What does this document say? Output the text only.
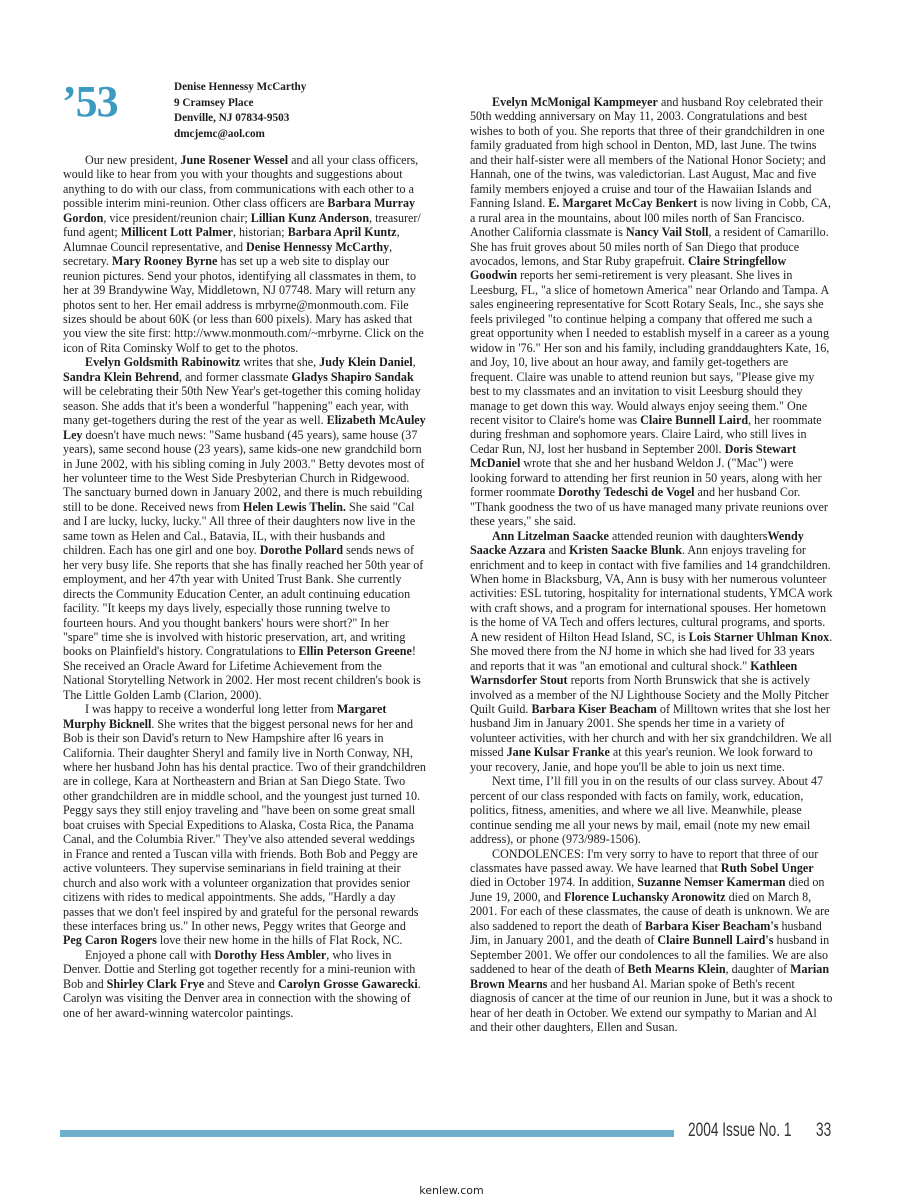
’53	Denise Hennessy McCarthy
9 Cramsey Place
Denville, NJ 07834-9503
dmcjemc@aol.com

Our new president, June Rosener Wessel and all your class officers, would like to hear from you with your thoughts and suggestions about anything to do with our class, from communications with each other to a possible interim mini-reunion. Other class officers are Barbara Murray Gordon, vice president/reunion chair; Lillian Kunz Anderson, treasurer/ fund agent; Millicent Lott Palmer, historian; Barbara April Kuntz, Alumnae Council representative, and Denise Hennessy McCarthy, secretary. Mary Rooney Byrne has set up a web site to display our reunion pictures. Send your photos, identifying all classmates in them, to her at 39 Brandywine Way, Middletown, NJ 07748. Mary will return any photos sent to her. Her email address is mrbyrne@monmouth.com. File sizes should be about 60K (or less than 600 pixels). Mary has asked that you view the site first: http://www.monmouth.com/~mrbyrne. Click on the icon of Rita Cominsky Wolf to get to the photos.

Evelyn Goldsmith Rabinowitz writes that she, Judy Klein Daniel, Sandra Klein Behrend, and former classmate Gladys Shapiro Sandak will be celebrating their 50th New Year's get-together this coming holiday season. She adds that it's been a wonderful "happening" each year, with many get-togethers during the rest of the year as well. Elizabeth McAuley Ley doesn't have much news: "Same husband (45 years), same house (37 years), same second house (23 years), same kids-one new grandchild born in June 2002, with his sibling coming in July 2003." Betty devotes most of her volunteer time to the West Side Presbyterian Church in Ridgewood. The sanctuary burned down in January 2002, and there is much rebuilding still to be done. Received news from Helen Lewis Thelin. She said "Cal and I are lucky, lucky, lucky." All three of their daughters now live in the same town as Helen and Cal., Batavia, IL, with their husbands and children. Each has one girl and one boy. Dorothe Pollard sends news of her very busy life. She reports that she has finally reached her 50th year of employment, and her 47th year with United Trust Bank. She currently directs the Community Education Center, an adult continuing education facility. "It keeps my days lively, especially those running twelve to fourteen hours. And you thought bankers' hours were short?" In her "spare" time she is involved with historic preservation, art, and writing books on Plainfield's history. Congratulations to Ellin Peterson Greene! She received an Oracle Award for Lifetime Achievement from the National Storytelling Network in 2002. Her most recent children's book is The Little Golden Lamb (Clarion, 2000).

I was happy to receive a wonderful long letter from Margaret Murphy Bicknell. She writes that the biggest personal news for her and Bob is their son David's return to New Hampshire after l6 years in California. Their daughter Sheryl and family live in North Conway, NH, where her husband John has his dental practice. Two of their grandchildren are in college, Kara at Northeastern and Brian at San Diego State. Two other grandchildren are in middle school, and the youngest just turned 10. Peggy says they still enjoy traveling and "have been on some great small boat cruises with Special Expeditions to Alaska, Costa Rica, the Panama Canal, and the Columbia River." They've also attended several weddings in France and rented a Tuscan villa with friends. Both Bob and Peggy are active volunteers. They supervise seminarians in field training at their church and also work with a volunteer organization that provides senior citizens with rides to medical appointments. She adds, "Hardly a day passes that we don't feel inspired by and grateful for the personal rewards these interfaces bring us." In other news, Peggy writes that George and Peg Caron Rogers love their new home in the hills of Flat Rock, NC.

Enjoyed a phone call with Dorothy Hess Ambler, who lives in Denver. Dottie and Sterling got together recently for a mini-reunion with Bob and Shirley Clark Frye and Steve and Carolyn Grosse Gawarecki. Carolyn was visiting the Denver area in connection with the showing of one of her award-winning watercolor paintings.

Evelyn McMonigal Kampmeyer and husband Roy celebrated their 50th wedding anniversary on May 11, 2003. Congratulations and best wishes to both of you. She reports that three of their grandchildren in one family graduated from high school in Denton, MD, last June. The twins and their half-sister were all members of the National Honor Society; and Hannah, one of the twins, was valedictorian. Last August, Mac and five family members enjoyed a cruise and tour of the Hawaiian Islands and Fanning Island. E. Margaret McCay Benkert is now living in Cobb, CA, a rural area in the mountains, about l00 miles north of San Francisco. Another California classmate is Nancy Vail Stoll, a resident of Camarillo. She has fruit groves about 50 miles north of San Diego that produce avocados, lemons, and Star Ruby grapefruit. Claire Stringfellow Goodwin reports her semi-retirement is very pleasant. She lives in Leesburg, FL, "a slice of hometown America" near Orlando and Tampa. A sales engineering representative for Scott Rotary Seals, Inc., she says she feels privileged "to continue helping a company that offered me such a great opportunity when I needed to establish myself in a career as a young widow in '76." Her son and his family, including granddaughters Kate, 16, and Joy, 10, live about an hour away, and family get-togethers are frequent. Claire was unable to attend reunion but says, "Please give my best to my classmates and an invitation to visit Leesburg should they manage to get down this way. Would always enjoy seeing them." One recent visitor to Claire's home was Claire Bunnell Laird, her roommate during freshman and sophomore years. Claire Laird, who still lives in Cedar Run, NJ, lost her husband in September 200l. Doris Stewart McDaniel wrote that she and her husband Weldon J. ("Mac") were looking forward to attending her first reunion in 50 years, along with her former roommate Dorothy Tedeschi de Vogel and her husband Cor. "Thank goodness the two of us have managed many private reunions over these years," she said.

Ann Litzelman Saacke attended reunion with daughtersWendy Saacke Azzara and Kristen Saacke Blunk. Ann enjoys traveling for enrichment and to keep in contact with five families and 14 grandchildren. When home in Blacksburg, VA, Ann is busy with her numerous volunteer activities: ESL tutoring, hospitality for international students, YMCA work with craft shows, and a program for international spouses. Her hometown is the home of VA Tech and offers lectures, cultural programs, and sports. A new resident of Hilton Head Island, SC, is Lois Starner Uhlman Knox. She moved there from the NJ home in which she had lived for 33 years and reports that it was "an emotional and cultural shock." Kathleen Warnsdorfer Stout reports from North Brunswick that she is actively involved as a member of the NJ Lighthouse Society and the Molly Pitcher Quilt Guild. Barbara Kiser Beacham of Milltown writes that she lost her husband Jim in January 2001. She spends her time in a variety of volunteer activities, with her church and with her six grandchildren. We all missed Jane Kulsar Franke at this year's reunion. We look forward to your recovery, Janie, and hope you'll be able to join us next time.

Next time, I’ll fill you in on the results of our class survey. About 47 percent of our class responded with facts on family, work, education, politics, fitness, amenities, and where we all live. Meanwhile, please continue sending me all your news by mail, email (note my new email address), or phone (973/989-1506).

CONDOLENCES: I'm very sorry to have to report that three of our classmates have passed away. We have learned that Ruth Sobel Unger died in October 1974. In addition, Suzanne Nemser Kamerman died on June 19, 2000, and Florence Luchansky Aronowitz died on March 8, 2001. For each of these classmates, the cause of death is unknown. We are also saddened to report the death of Barbara Kiser Beacham's husband Jim, in January 2001, and the death of Claire Bunnell Laird's husband in September 2001. We offer our condolences to all the families. We are also saddened to hear of the death of Beth Mearns Klein, daughter of Marian Brown Mearns and her husband Al. Marian spoke of Beth's recent diagnosis of cancer at the time of our reunion in June, but it was a shock to hear of her death in October. We extend our sympathy to Marian and Al and their other daughters, Ellen and Susan.

2004 Issue No. 1 33
kenlew.com
